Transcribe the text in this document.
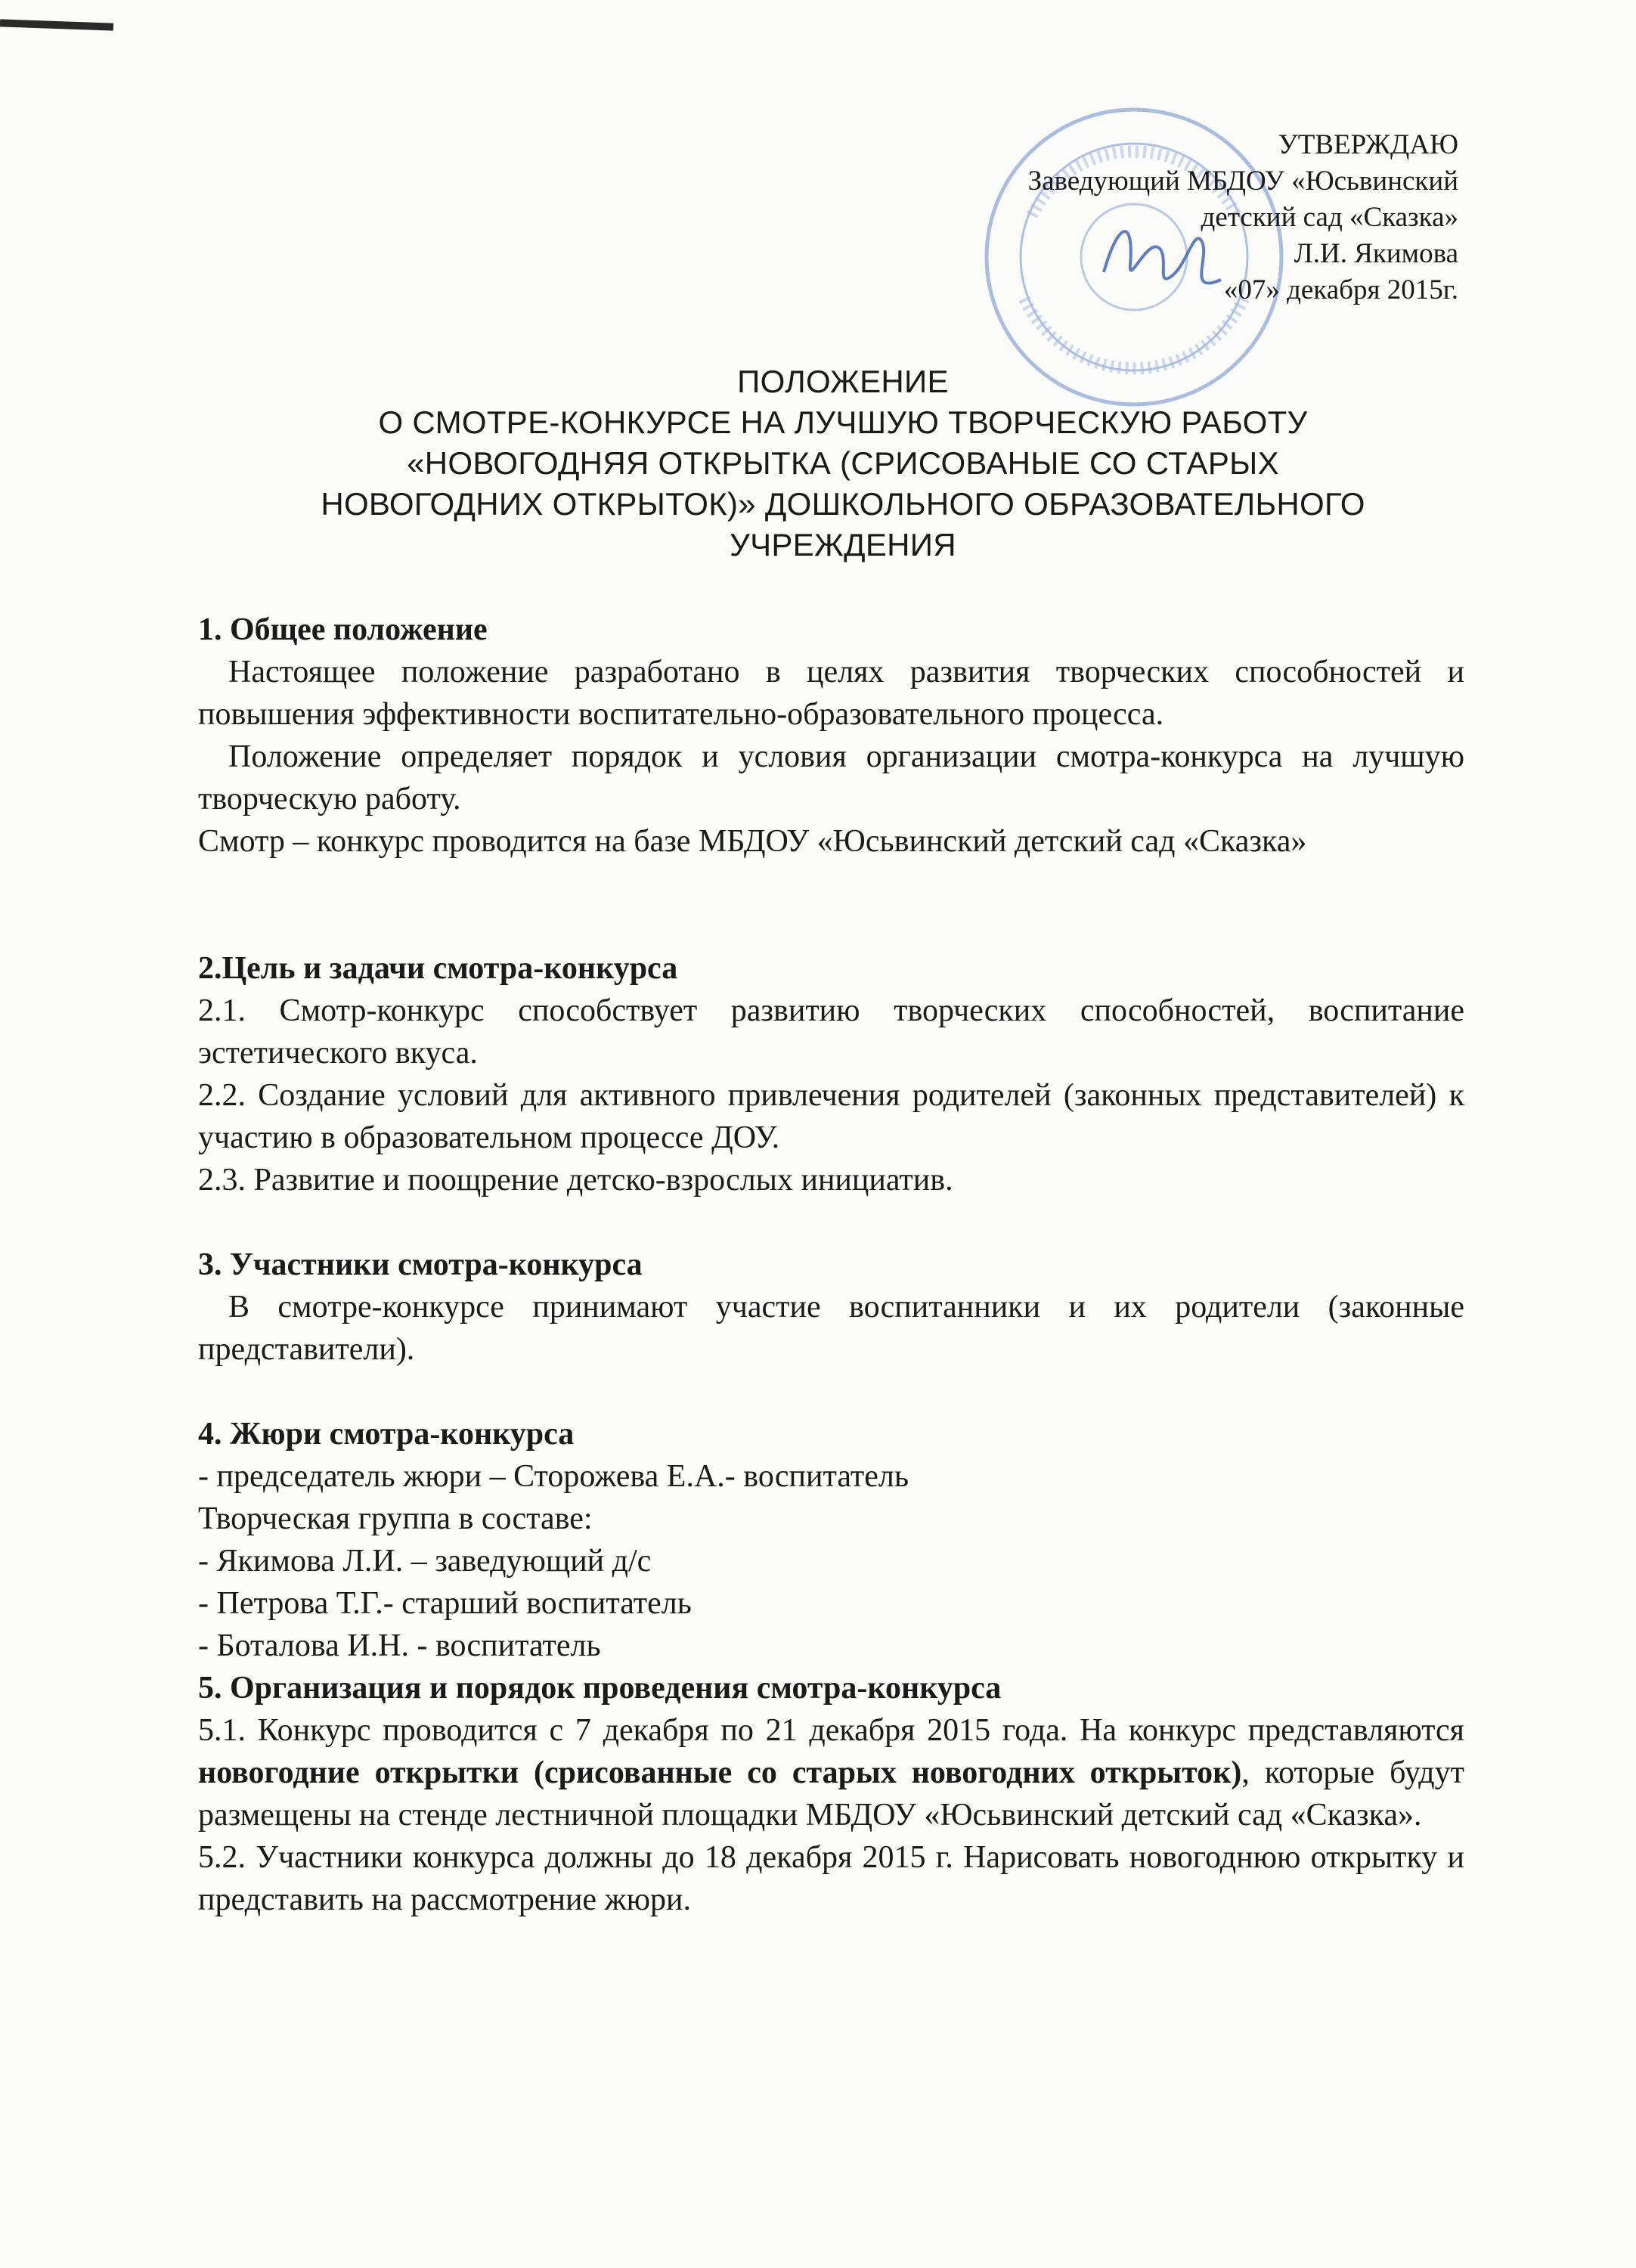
УТВЕРЖДАЮ
Заведующий МБДОУ «Юсьвинский
детский сад «Сказка»
Л.И. Якимова
«07» декабря 2015г.
ПОЛОЖЕНИЕ
О СМОТРЕ-КОНКУРСЕ НА ЛУЧШУЮ ТВОРЧЕСКУЮ РАБОТУ
«НОВОГОДНЯЯ ОТКРЫТКА (СРИСОВАНЫЕ СО СТАРЫХ
НОВОГОДНИХ ОТКРЫТОК)» ДОШКОЛЬНОГО ОБРАЗОВАТЕЛЬНОГО
УЧРЕЖДЕНИЯ
1. Общее положение

Настоящее положение разработано в целях развития творческих способностей и повышения эффективности воспитательно-образовательного процесса.

Положение определяет порядок и условия организации смотра-конкурса на лучшую творческую работу.

Смотр – конкурс проводится на базе МБДОУ «Юсьвинский детский сад «Сказка»

2.Цель и задачи смотра-конкурса

2.1. Смотр-конкурс способствует развитию творческих способностей, воспитание эстетического вкуса.

2.2. Создание условий для активного привлечения родителей (законных представителей) к участию в образовательном процессе ДОУ.

2.3. Развитие и поощрение детско-взрослых инициатив.

3. Участники смотра-конкурса

В смотре-конкурсе принимают участие воспитанники и их родители (законные представители).

4. Жюри смотра-конкурса

- председатель жюри – Сторожева Е.А.- воспитатель

Творческая группа в составе:

- Якимова Л.И. – заведующий д/с

- Петрова Т.Г.- старший воспитатель

- Боталова И.Н. - воспитатель

5. Организация и порядок проведения смотра-конкурса

5.1. Конкурс проводится с 7 декабря по 21 декабря 2015 года. На конкурс представляются новогодние открытки (срисованные со старых новогодних открыток), которые будут размещены на стенде лестничной площадки МБДОУ «Юсьвинский детский сад «Сказка».

5.2. Участники конкурса должны до 18 декабря 2015 г. Нарисовать новогоднюю открытку и представить на рассмотрение жюри.
